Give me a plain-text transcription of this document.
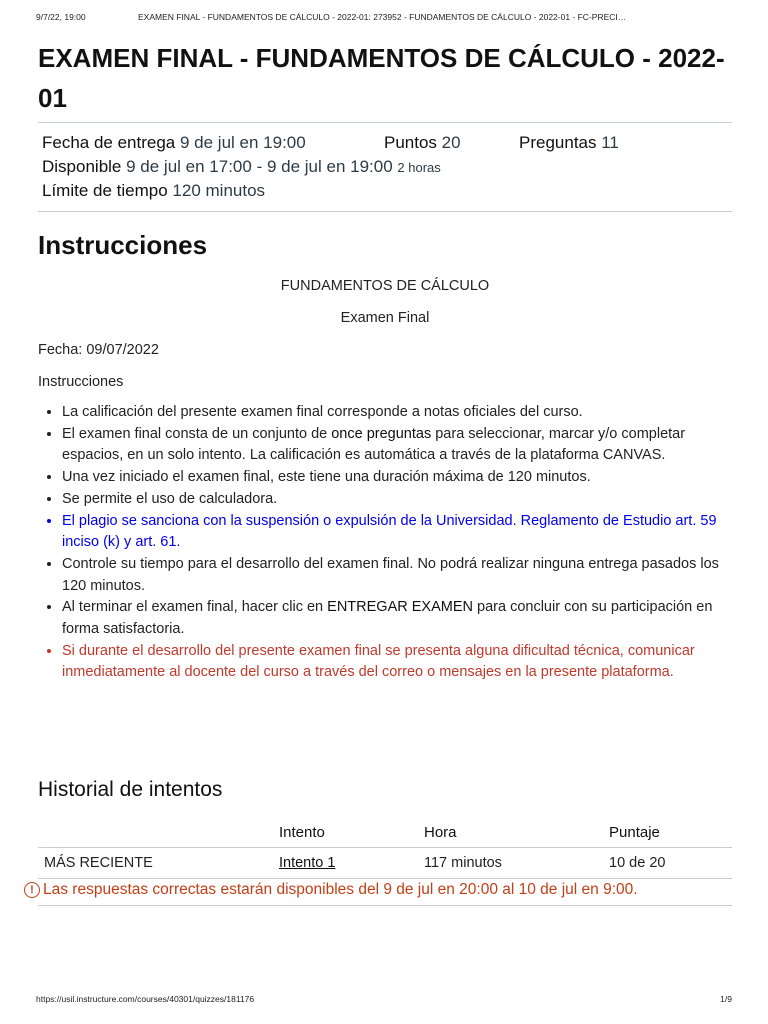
9/7/22, 19:00	EXAMEN FINAL - FUNDAMENTOS DE CÁLCULO - 2022-01: 273952 - FUNDAMENTOS DE CÁLCULO - 2022-01 - FC-PRECI…
EXAMEN FINAL - FUNDAMENTOS DE CÁLCULO - 2022-01
Fecha de entrega 9 de jul en 19:00	Puntos 20	Preguntas 11
Disponible 9 de jul en 17:00 - 9 de jul en 19:00 2 horas
Límite de tiempo 120 minutos
Instrucciones

FUNDAMENTOS DE CÁLCULO

Examen Final

Fecha: 09/07/2022

Instrucciones

• La calificación del presente examen final corresponde a notas oficiales del curso.
• El examen final consta de un conjunto de once preguntas para seleccionar, marcar y/o completar espacios, en un solo intento. La calificación es automática a través de la plataforma CANVAS.
• Una vez iniciado el examen final, este tiene una duración máxima de 120 minutos.
• Se permite el uso de calculadora.
• El plagio se sanciona con la suspensión o expulsión de la Universidad. Reglamento de Estudio art. 59 inciso (k) y art. 61.
• Controle su tiempo para el desarrollo del examen final. No podrá realizar ninguna entrega pasados los 120 minutos.
• Al terminar el examen final, hacer clic en ENTREGAR EXAMEN para concluir con su participación en forma satisfactoria.
• Si durante el desarrollo del presente examen final se presenta alguna dificultad técnica, comunicar inmediatamente al docente del curso a través del correo o mensajes en la presente plataforma.
Historial de intentos
	Intento	Hora	Puntaje
MÁS RECIENTE	Intento 1	117 minutos	10 de 20
! Las respuestas correctas estarán disponibles del 9 de jul en 20:00 al 10 de jul en 9:00.
https://usil.instructure.com/courses/40301/quizzes/181176	1/9
